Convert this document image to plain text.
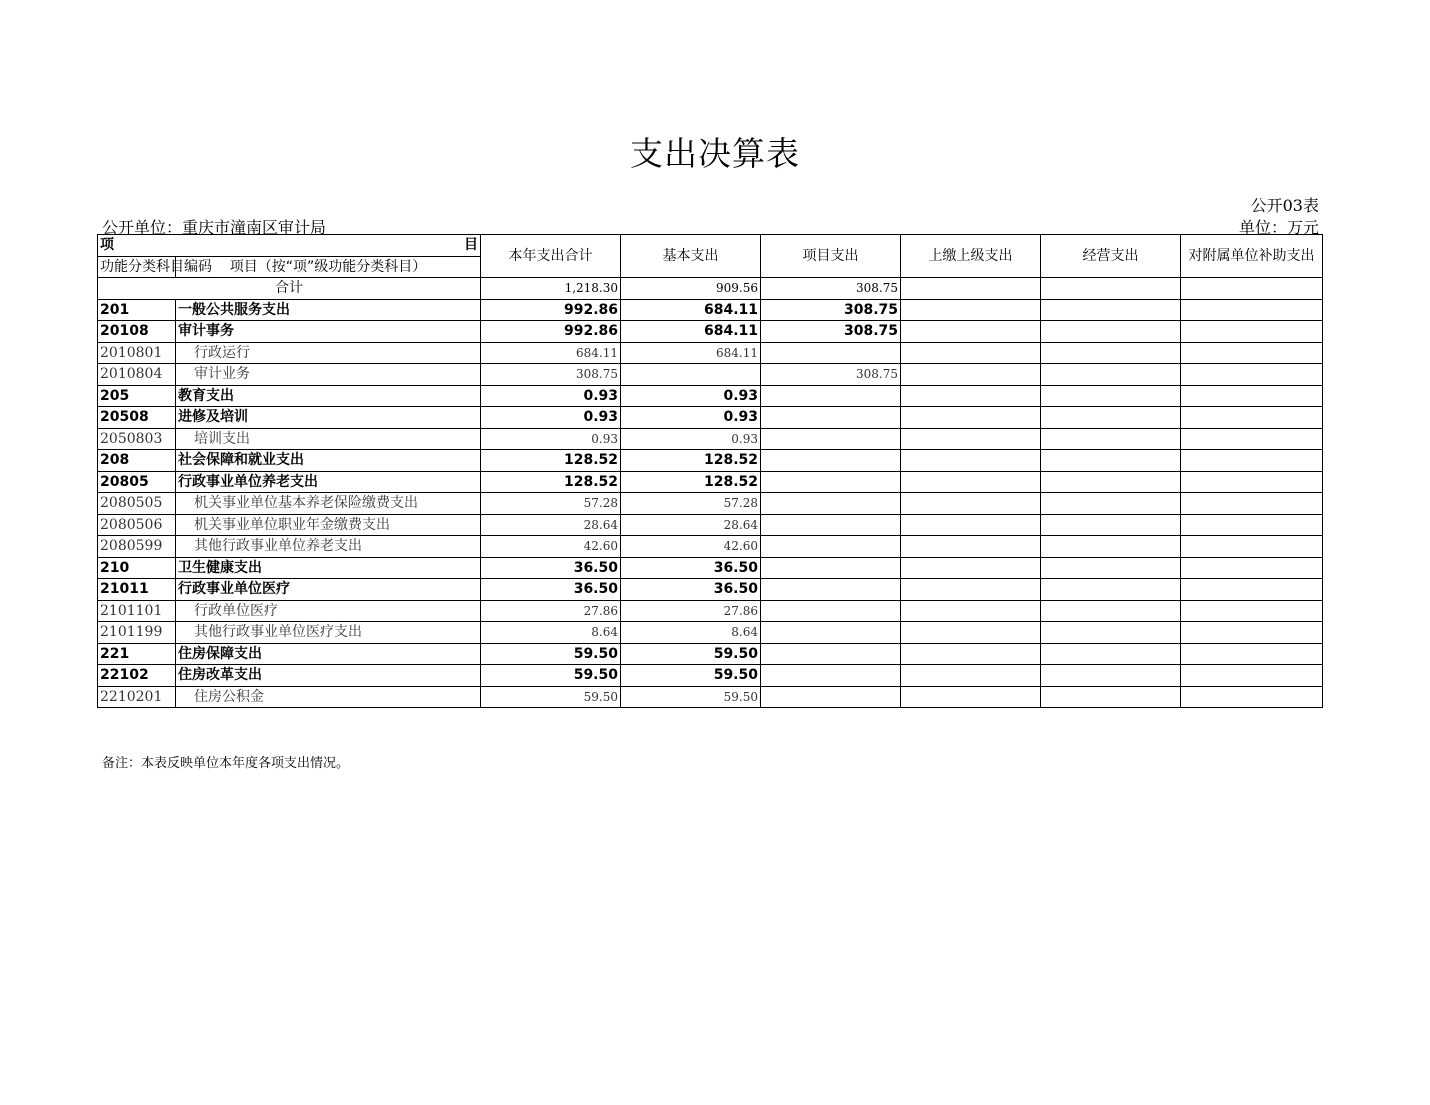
支出决算表
公开03表
公开单位：重庆市潼南区审计局	单位：万元
项	目	本年支出合计	基本支出	项目支出	上缴上级支出	经营支出	对附属单位补助支出
功能分类科目编码	项目（按“项”级功能分类科目）						
合计		1,218.30	909.56	308.75			
201	一般公共服务支出	992.86	684.11	308.75			
20108	审计事务	992.86	684.11	308.75			
2010801	行政运行	684.11	684.11				
2010804	审计业务	308.75		308.75			
205	教育支出	0.93	0.93				
20508	进修及培训	0.93	0.93				
2050803	培训支出	0.93	0.93				
208	社会保障和就业支出	128.52	128.52				
20805	行政事业单位养老支出	128.52	128.52				
2080505	机关事业单位基本养老保险缴费支出	57.28	57.28				
2080506	机关事业单位职业年金缴费支出	28.64	28.64				
2080599	其他行政事业单位养老支出	42.60	42.60				
210	卫生健康支出	36.50	36.50				
21011	行政事业单位医疗	36.50	36.50				
2101101	行政单位医疗	27.86	27.86				
2101199	其他行政事业单位医疗支出	8.64	8.64				
221	住房保障支出	59.50	59.50				
22102	住房改革支出	59.50	59.50				
2210201	住房公积金	59.50	59.50				
备注：本表反映单位本年度各项支出情况。
